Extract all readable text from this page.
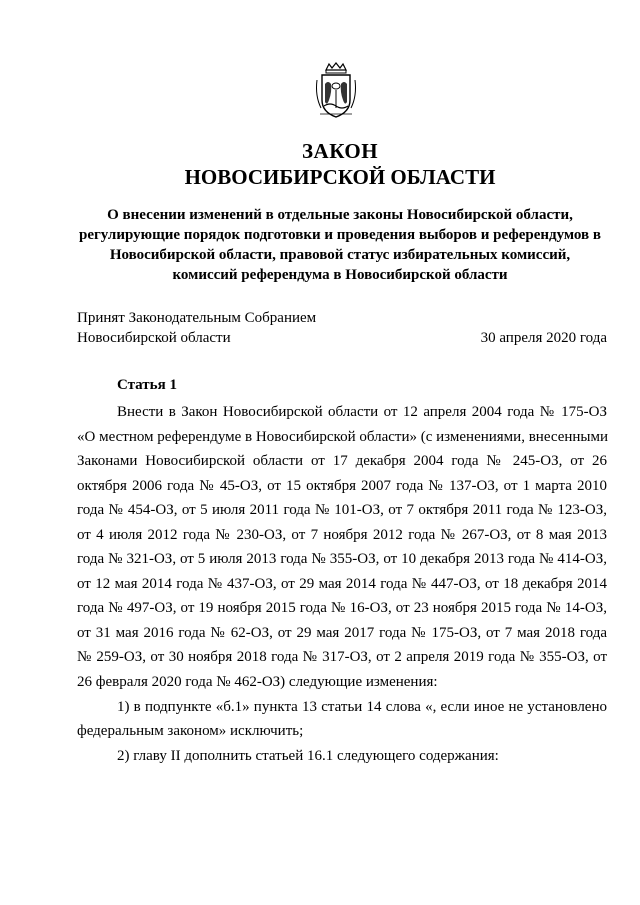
ЗАКОН
НОВОСИБИРСКОЙ ОБЛАСТИ
О внесении изменений в отдельные законы Новосибирской области,
регулирующие порядок подготовки и проведения выборов и референдумов в
Новосибирской области, правовой статус избирательных комиссий,
комиссий референдума в Новосибирской области
Принят Законодательным Собранием
Новосибирской области	30 апреля 2020 года
Статья 1
Внести в Закон Новосибирской области от 12 апреля 2004 года № 175-ОЗ
«О местном референдуме в Новосибирской области» (с изменениями, внесенными
Законами Новосибирской области от 17 декабря 2004 года № 245-ОЗ, от 26
октября 2006 года № 45-ОЗ, от 15 октября 2007 года № 137-ОЗ, от 1 марта 2010
года № 454-ОЗ, от 5 июля 2011 года № 101-ОЗ, от 7 октября 2011 года № 123-ОЗ,
от 4 июля 2012 года № 230-ОЗ, от 7 ноября 2012 года № 267-ОЗ, от 8 мая 2013
года № 321-ОЗ, от 5 июля 2013 года № 355-ОЗ, от 10 декабря 2013 года № 414-ОЗ,
от 12 мая 2014 года № 437-ОЗ, от 29 мая 2014 года № 447-ОЗ, от 18 декабря 2014
года № 497-ОЗ, от 19 ноября 2015 года № 16-ОЗ, от 23 ноября 2015 года № 14-ОЗ,
от 31 мая 2016 года № 62-ОЗ, от 29 мая 2017 года № 175-ОЗ, от 7 мая 2018 года
№ 259-ОЗ, от 30 ноября 2018 года № 317-ОЗ, от 2 апреля 2019 года № 355-ОЗ, от
26 февраля 2020 года № 462-ОЗ) следующие изменения:
1) в подпункте «б.1» пункта 13 статьи 14 слова «, если иное не установлено
федеральным законом» исключить;
2) главу II дополнить статьей 16.1 следующего содержания:
